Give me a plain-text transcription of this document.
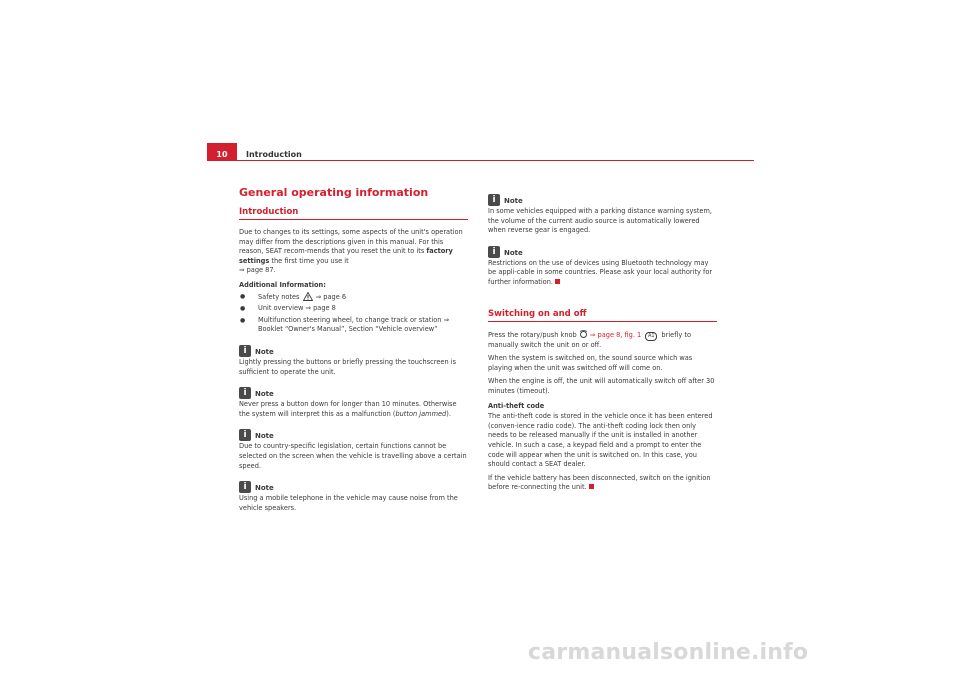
10	Introduction
General operating information
Introduction

Due to changes to its settings, some aspects of the unit's operation may differ from the descriptions given in this manual. For this reason, SEAT recom-mends that you reset the unit to its factory settings the first time you use it
⇒ page 87.

Additional Information:
● Safety notes  ⇒ page 6
● Unit overview ⇒ page 8
● Multifunction steering wheel, to change track or station ⇒ Booklet “Owner's Manual”, Section “Vehicle overview”
i	Note

Lightly pressing the buttons or briefly pressing the touchscreen is sufficient to operate the unit.

i	Note

Never press a button down for longer than 10 minutes. Otherwise the system will interpret this as a malfunction (button jammed).

i	Note

Due to country-specific legislation, certain functions cannot be selected on the screen when the vehicle is travelling above a certain speed.

i	Note

Using a mobile telephone in the vehicle may cause noise from the vehicle speakers.

i	Note

In some vehicles equipped with a parking distance warning system, the volume of the current audio source is automatically lowered when reverse gear is engaged.

i	Note

Restrictions on the use of devices using Bluetooth technology may be appli-cable in some countries. Please ask your local authority for further information.

Switching on and off

Press the rotary/push knob  ⇒ page 8, fig. 1 A1 briefly to manually switch the unit on or off.

When the system is switched on, the sound source which was playing when the unit was switched off will come on.

When the engine is off, the unit will automatically switch off after 30 minutes (timeout).

Anti-theft code

The anti-theft code is stored in the vehicle once it has been entered (conven-ience radio code). The anti-theft coding lock then only needs to be released manually if the unit is installed in another vehicle. In such a case, a keypad field and a prompt to enter the code will appear when the unit is switched on. In this case, you should contact a SEAT dealer.

If the vehicle battery has been disconnected, switch on the ignition before re-connecting the unit.

carmanualsonline.info
